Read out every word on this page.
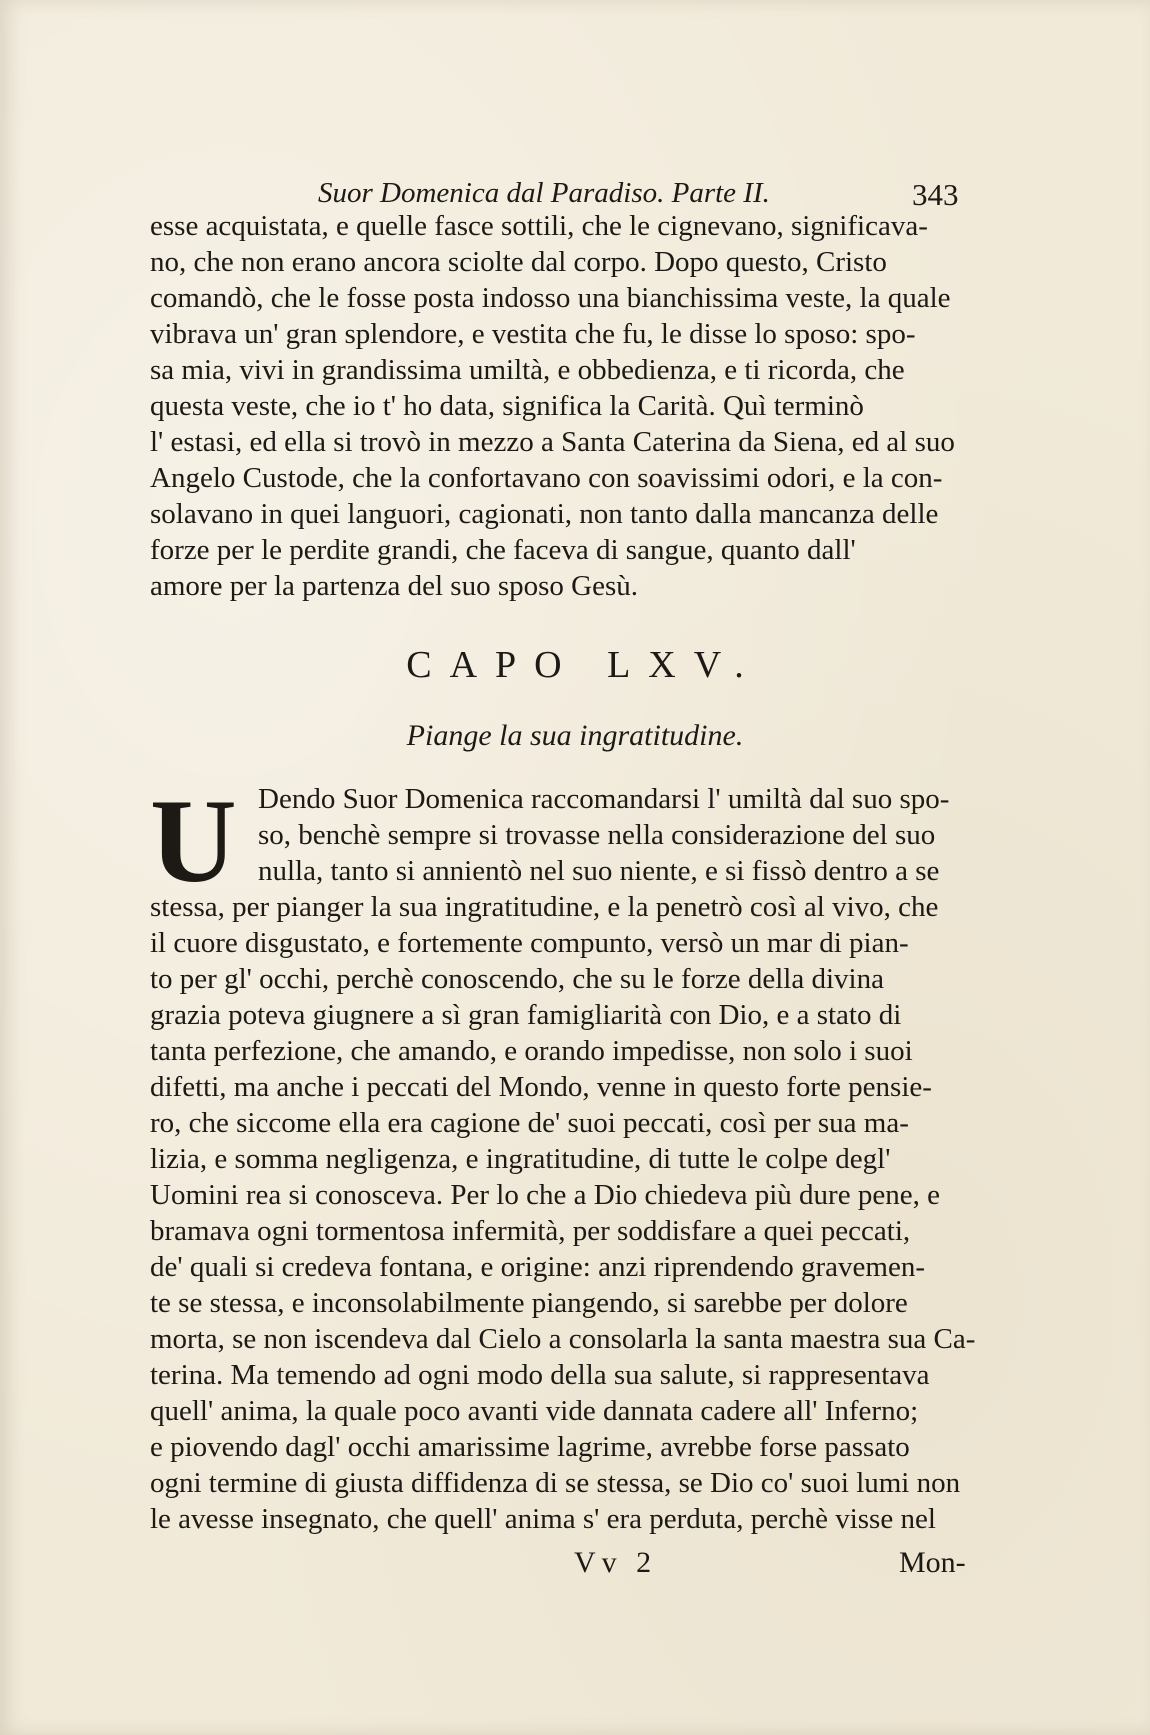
Suor Domenica dal Paradiso. Parte II.	343
esse acquistata, e quelle fasce sottili, che le cignevano, significava-
no, che non erano ancora sciolte dal corpo. Dopo questo, Cristo
comandò, che le fosse posta indosso una bianchissima veste, la quale
vibrava un' gran splendore, e vestita che fu, le disse lo sposo: spo-
sa mia, vivi in grandissima umiltà, e obbedienza, e ti ricorda, che
questa veste, che io t' ho data, significa la Carità. Quì terminò
l' estasi, ed ella si trovò in mezzo a Santa Caterina da Siena, ed al suo
Angelo Custode, che la confortavano con soavissimi odori, e la con-
solavano in quei languori, cagionati, non tanto dalla mancanza delle
forze per le perdite grandi, che faceva di sangue, quanto dall'
amore per la partenza del suo sposo Gesù.
CAPO LXV.
Piange la sua ingratitudine.
U Dendo Suor Domenica raccomandarsi l' umiltà dal suo spo-
so, benchè sempre si trovasse nella considerazione del suo
nulla, tanto si annientò nel suo niente, e si fissò dentro a se
stessa, per pianger la sua ingratitudine, e la penetrò così al vivo, che
il cuore disgustato, e fortemente compunto, versò un mar di pian-
to per gl' occhi, perchè conoscendo, che su le forze della divina
grazia poteva giugnere a sì gran famigliarità con Dio, e a stato di
tanta perfezione, che amando, e orando impedisse, non solo i suoi
difetti, ma anche i peccati del Mondo, venne in questo forte pensie-
ro, che siccome ella era cagione de' suoi peccati, così per sua ma-
lizia, e somma negligenza, e ingratitudine, di tutte le colpe degl'
Uomini rea si conosceva. Per lo che a Dio chiedeva più dure pene, e
bramava ogni tormentosa infermità, per soddisfare a quei peccati,
de' quali si credeva fontana, e origine: anzi riprendendo gravemen-
te se stessa, e inconsolabilmente piangendo, si sarebbe per dolore
morta, se non iscendeva dal Cielo a consolarla la santa maestra sua Ca-
terina. Ma temendo ad ogni modo della sua salute, si rappresentava
quell' anima, la quale poco avanti vide dannata cadere all' Inferno;
e piovendo dagl' occhi amarissime lagrime, avrebbe forse passato
ogni termine di giusta diffidenza di se stessa, se Dio co' suoi lumi non
le avesse insegnato, che quell' anima s' era perduta, perchè visse nel
Vv 2	Mon-
